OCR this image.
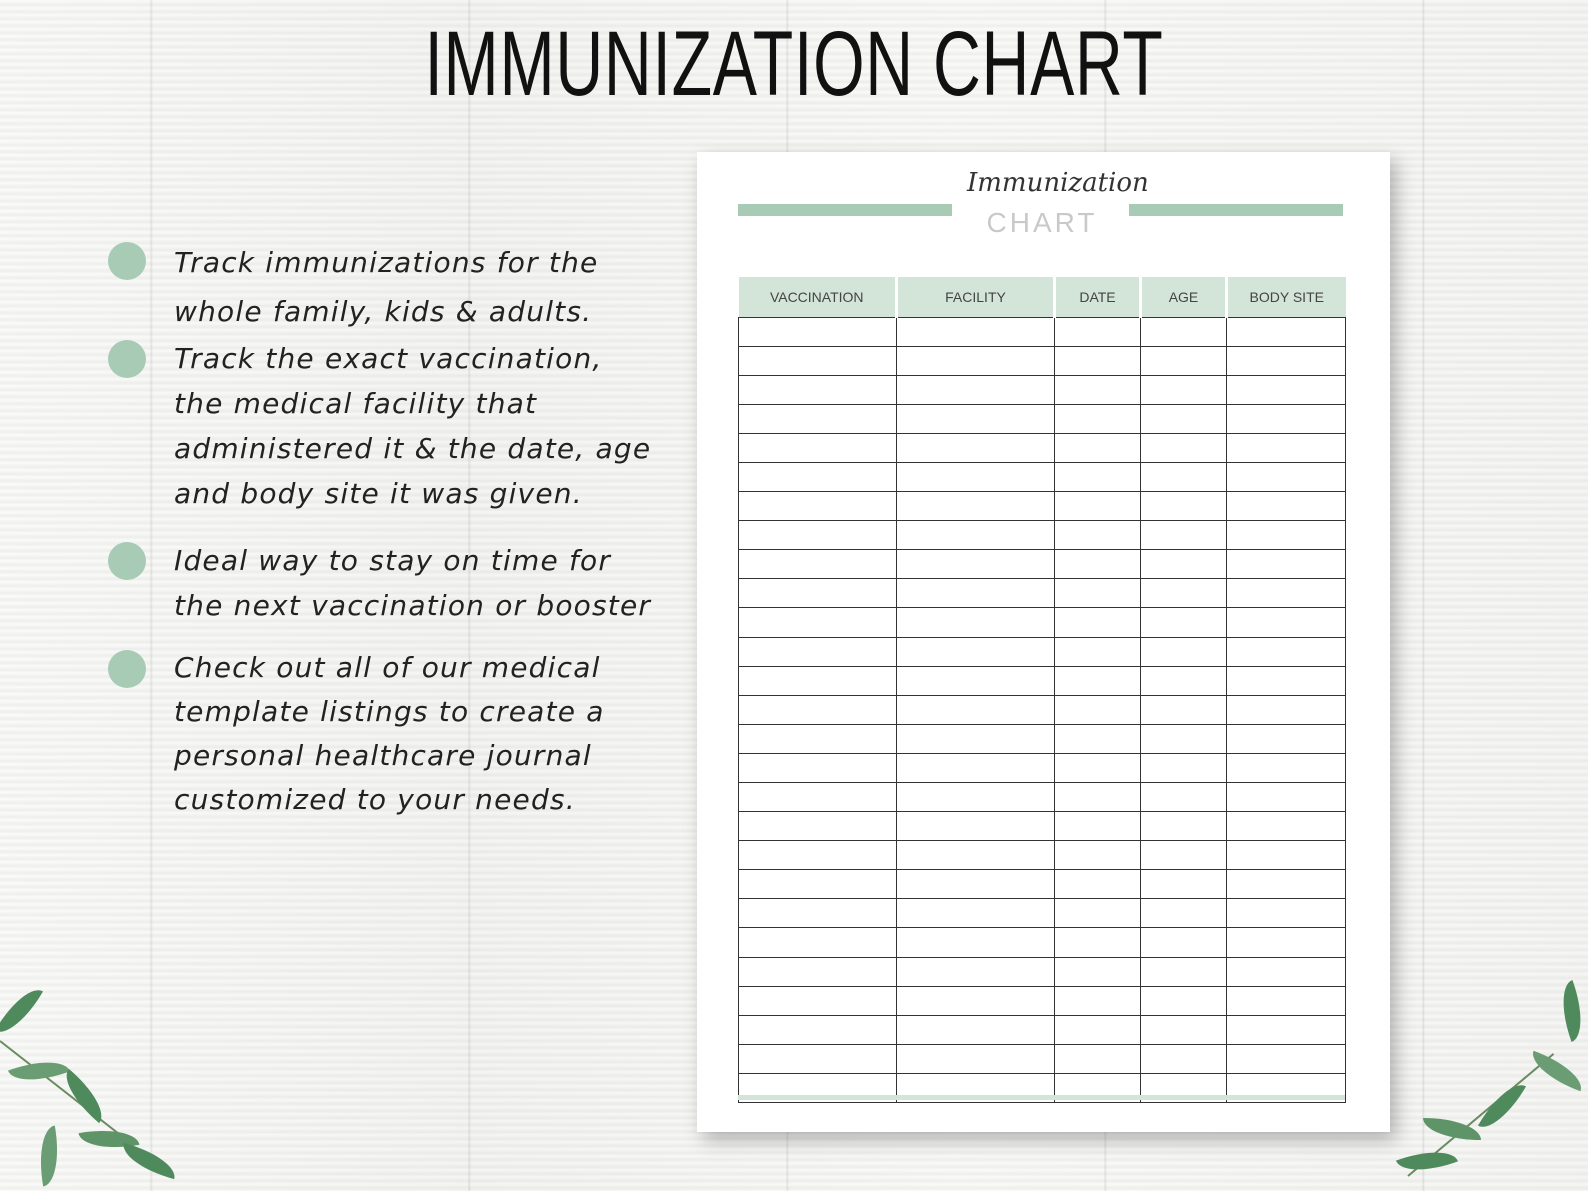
IMMUNIZATION CHART

Track immunizations for the
whole family, kids & adults.

Track the exact vaccination,
the medical facility that
administered it & the date, age
and body site it was given.

Ideal way to stay on time for
the next vaccination or booster

Check out all of our medical
template listings to create a
personal healthcare journal
customized to your needs.

CHART
Immunization
VACCINATION	FACILITY	DATE	AGE	BODY SITE
